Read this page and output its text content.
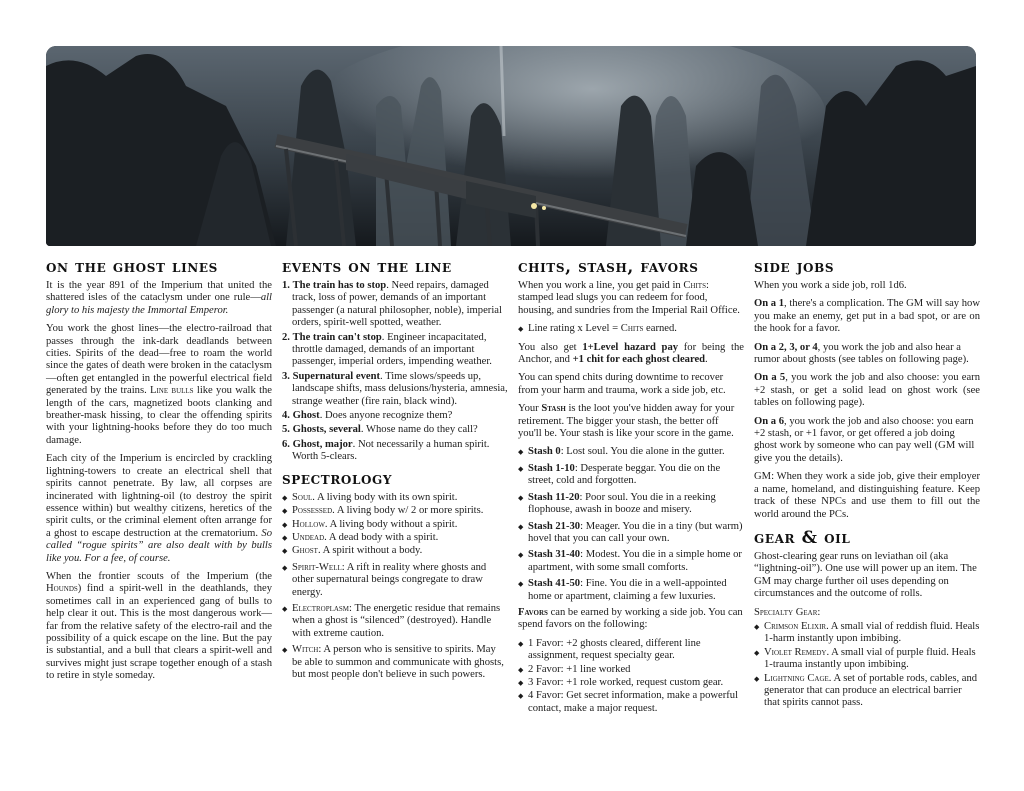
on the ghost lines

It is the year 891 of the Imperium that united the shattered isles of the cataclysm under one rule—all glory to his majesty the Immortal Emperor.

You work the ghost lines—the electro-railroad that passes through the ink-dark deadlands between cities. Spirits of the dead—free to roam the world since the gates of death were broken in the cataclysm—often get entangled in the powerful electrical field generated by the trains. Line bulls like you walk the length of the cars, magnetized boots clanking and breather-mask hissing, to clear the offending spirits with your lightning-hooks before they do too much damage.

Each city of the Imperium is encircled by crackling lightning-towers to create an electrical shell that spirits cannot penetrate. By law, all corpses are incinerated with lightning-oil (to destroy the spirit essence within) but wealthy citizens, heretics of the spirit cults, or the criminal element often arrange for a ghost to escape destruction at the crematorium. So called “rogue spirits” are also dealt with by bulls like you. For a fee, of course.

When the frontier scouts of the Imperium (the Hounds) find a spirit-well in the deathlands, they sometimes call in an experienced gang of bulls to help clear it out. This is the most dangerous work—far from the relative safety of the electro-rail and the possibility of a quick escape on the line. But the pay is substantial, and a bull that clears a spirit-well and survives might just scrape together enough of a stash to retire in style someday.

events on the line
1. The train has to stop. Need repairs, damaged track, loss of power, demands of an important passenger (a natural philosopher, noble), imperial orders, spirit-well spotted, weather.
2. The train can't stop. Engineer incapacitated, throttle damaged, demands of an important passenger, imperial orders, impending weather.
3. Supernatural event. Time slows/speeds up, landscape shifts, mass delusions/hysteria, amnesia, strange weather (fire rain, black wind).
4. Ghost. Does anyone recognize them?
5. Ghosts, several. Whose name do they call?
6. Ghost, major. Not necessarily a human spirit. Worth 5-clears.
spectrology
◆ Soul. A living body with its own spirit.
◆ Possessed. A living body w/ 2 or more spirits.
◆ Hollow. A living body without a spirit.
◆ Undead. A dead body with a spirit.
◆ Ghost. A spirit without a body.
◆ Spirit-Well: A rift in reality where ghosts and other supernatural beings congregate to draw energy.
◆ Electroplasm: The energetic residue that remains when a ghost is “silenced” (destroyed). Handle with extreme caution.
◆ Witch: A person who is sensitive to spirits. May be able to summon and communicate with ghosts, but most people don't believe in such powers.
chits, stash, favors

When you work a line, you get paid in Chits: stamped lead slugs you can redeem for food, housing, and sundries from the Imperial Rail Office.

◆ Line rating x Level = Chits earned.

You also get 1+Level hazard pay for being the Anchor, and +1 chit for each ghost cleared.

You can spend chits during downtime to recover from your harm and trauma, work a side job, etc.

Your Stash is the loot you've hidden away for your retirement. The bigger your stash, the better off you'll be. Your stash is like your score in the game.

◆ Stash 0: Lost soul. You die alone in the gutter.
◆ Stash 1-10: Desperate beggar. You die on the street, cold and forgotten.
◆ Stash 11-20: Poor soul. You die in a reeking flophouse, awash in booze and misery.
◆ Stash 21-30: Meager. You die in a tiny (but warm) hovel that you can call your own.
◆ Stash 31-40: Modest. You die in a simple home or apartment, with some small comforts.
◆ Stash 41-50: Fine. You die in a well-appointed home or apartment, claiming a few luxuries.

Favors can be earned by working a side job. You can spend favors on the following:

◆ 1 Favor: +2 ghosts cleared, different line assignment, request specialty gear.
◆ 2 Favor: +1 line worked
◆ 3 Favor: +1 role worked, request custom gear.
◆ 4 Favor: Get secret information, make a powerful contact, make a major request.
side jobs

When you work a side job, roll 1d6.

On a 1, there's a complication. The GM will say how you make an enemy, get put in a bad spot, or are on the hook for a favor.

On a 2, 3, or 4, you work the job and also hear a rumor about ghosts (see tables on following page).

On a 5, you work the job and also choose: you earn +2 stash, or get a solid lead on ghost work (see tables on following page).

On a 6, you work the job and also choose: you earn +2 stash, or +1 favor, or get offered a job doing ghost work by someone who can pay well (GM will give you the details).

GM: When they work a side job, give their employer a name, homeland, and distinguishing feature. Keep track of these NPCs and use them to fill out the world around the PCs.

gear & oil

Ghost-clearing gear runs on leviathan oil (aka “lightning-oil”). One use will power up an item. The GM may charge further oil uses depending on circumstances and the outcome of rolls.

Specialty Gear:

◆ Crimson Elixir. A small vial of reddish fluid. Heals 1-harm instantly upon imbibing.
◆ Violet Remedy. A small vial of purple fluid. Heals 1-trauma instantly upon imbibing.
◆ Lightning Cage. A set of portable rods, cables, and generator that can produce an electrical barrier that spirits cannot pass.
